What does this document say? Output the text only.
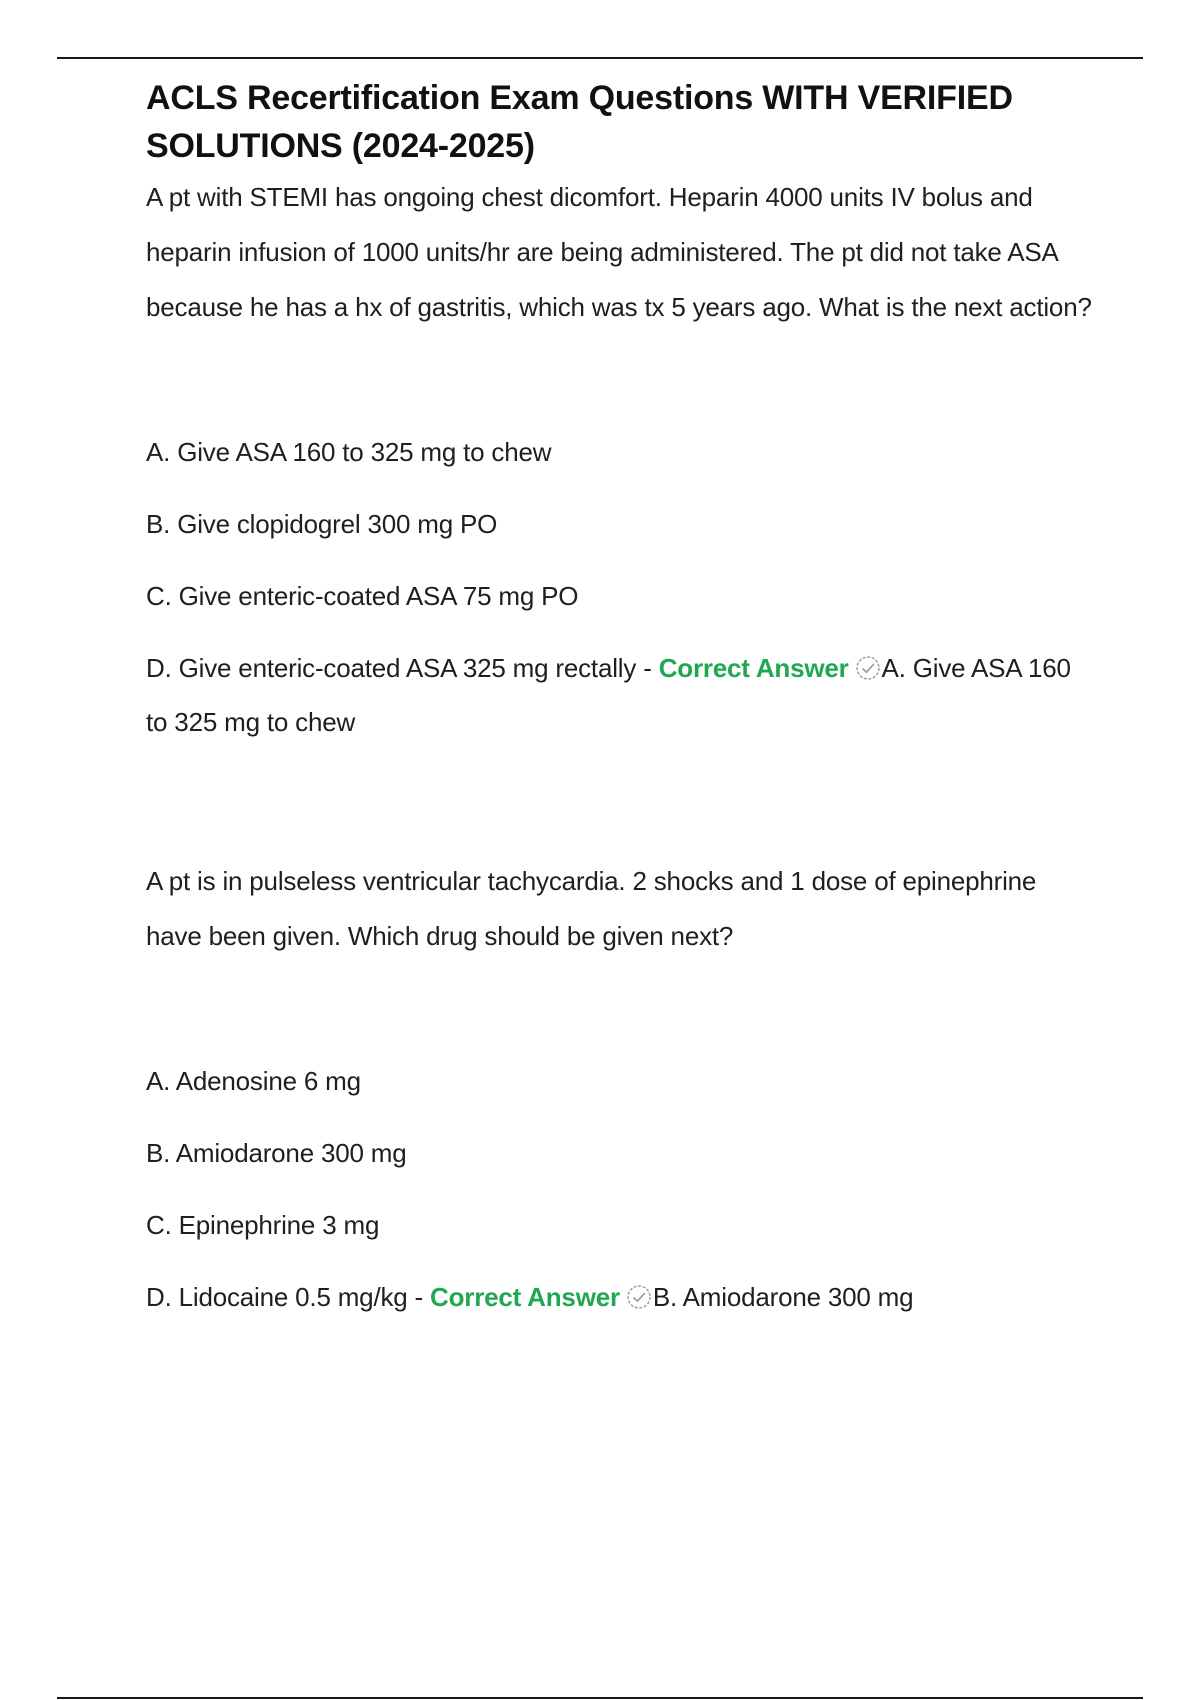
ACLS Recertification Exam Questions WITH VERIFIED SOLUTIONS (2024-2025)

A pt with STEMI has ongoing chest dicomfort. Heparin 4000 units IV bolus and heparin infusion of 1000 units/hr are being administered. The pt did not take ASA because he has a hx of gastritis, which was tx 5 years ago. What is the next action?

A. Give ASA 160 to 325 mg to chew

B. Give clopidogrel 300 mg PO

C. Give enteric-coated ASA 75 mg PO

D. Give enteric-coated ASA 325 mg rectally - Correct Answer A. Give ASA 160 to 325 mg to chew

A pt is in pulseless ventricular tachycardia. 2 shocks and 1 dose of epinephrine have been given. Which drug should be given next?

A. Adenosine 6 mg

B. Amiodarone 300 mg

C. Epinephrine 3 mg

D. Lidocaine 0.5 mg/kg - Correct Answer B. Amiodarone 300 mg
